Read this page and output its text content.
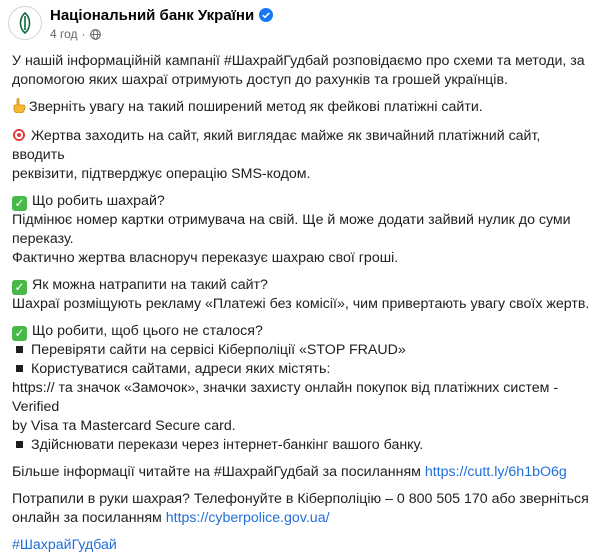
Національний банк України
4 год ·

У нашій інформаційній кампанії #ШахрайГудбай розповідаємо про схеми та методи, за

допомогою яких шахраї отримують доступ до рахунків та грошей українців.

Зверніть увагу на такий поширений метод як фейкові платіжні сайти.

Жертва заходить на сайт, який виглядає майже як звичайний платіжний сайт, вводить

реквізити, підтверджує операцію SMS-кодом.

✓ Що робить шахрай?

Підмінює номер картки отримувача на свій. Ще й може додати зайвий нулик до суми

переказу.

Фактично жертва власноруч переказує шахраю свої гроші.

✓ Як можна натрапити на такий сайт?

Шахраї розміщують рекламу «Платежі без комісії», чим привертають увагу своїх жертв.

✓ Що робити, щоб цього не сталося?

Перевіряти сайти на сервісі Кіберполіції «STOP FRAUD»

Користуватися сайтами, адреси яких містять:

https:// та значок «Замочок», значки захисту онлайн покупок від платіжних систем - Verified

by Visa та Mastercard Secure card.

Здійснювати перекази через інтернет-банкінг вашого банку.

Більше інформації читайте на #ШахрайГудбай за посиланням https://cutt.ly/6h1bO6g

Потрапили в руки шахрая? Телефонуйте в Кіберполіцію – 0 800 505 170 або зверніться

онлайн за посиланням https://cyberpolice.gov.ua/

#ШахрайГудбай
